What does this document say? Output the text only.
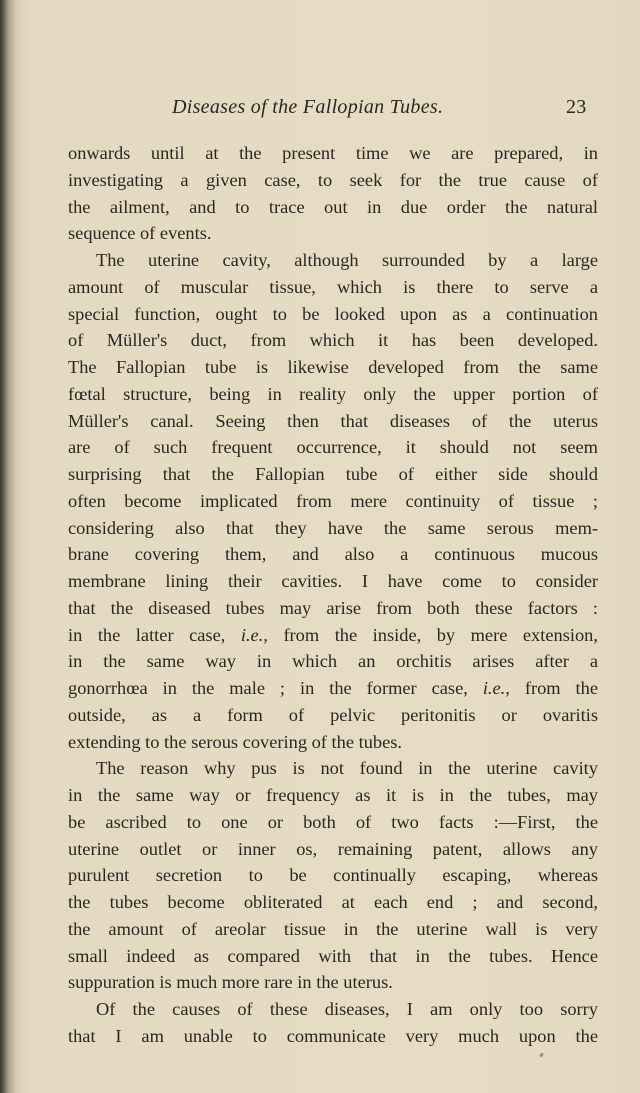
Diseases of the Fallopian Tubes.	23
onwards until at the present time we are prepared, in
investigating a given case, to seek for the true cause of
the ailment, and to trace out in due order the natural
sequence of events.
The uterine cavity, although surrounded by a large
amount of muscular tissue, which is there to serve a
special function, ought to be looked upon as a continuation
of Müller's duct, from which it has been developed.
The Fallopian tube is likewise developed from the same
fœtal structure, being in reality only the upper portion of
Müller's canal. Seeing then that diseases of the uterus
are of such frequent occurrence, it should not seem
surprising that the Fallopian tube of either side should
often become implicated from mere continuity of tissue ;
considering also that they have the same serous mem-
brane covering them, and also a continuous mucous
membrane lining their cavities. I have come to consider
that the diseased tubes may arise from both these factors :
in the latter case, i.e., from the inside, by mere extension,
in the same way in which an orchitis arises after a
gonorrhœa in the male ; in the former case, i.e., from the
outside, as a form of pelvic peritonitis or ovaritis
extending to the serous covering of the tubes.
The reason why pus is not found in the uterine cavity
in the same way or frequency as it is in the tubes, may
be ascribed to one or both of two facts :—First, the
uterine outlet or inner os, remaining patent, allows any
purulent secretion to be continually escaping, whereas
the tubes become obliterated at each end ; and second,
the amount of areolar tissue in the uterine wall is very
small indeed as compared with that in the tubes. Hence
suppuration is much more rare in the uterus.
Of the causes of these diseases, I am only too sorry
that I am unable to communicate very much upon the
